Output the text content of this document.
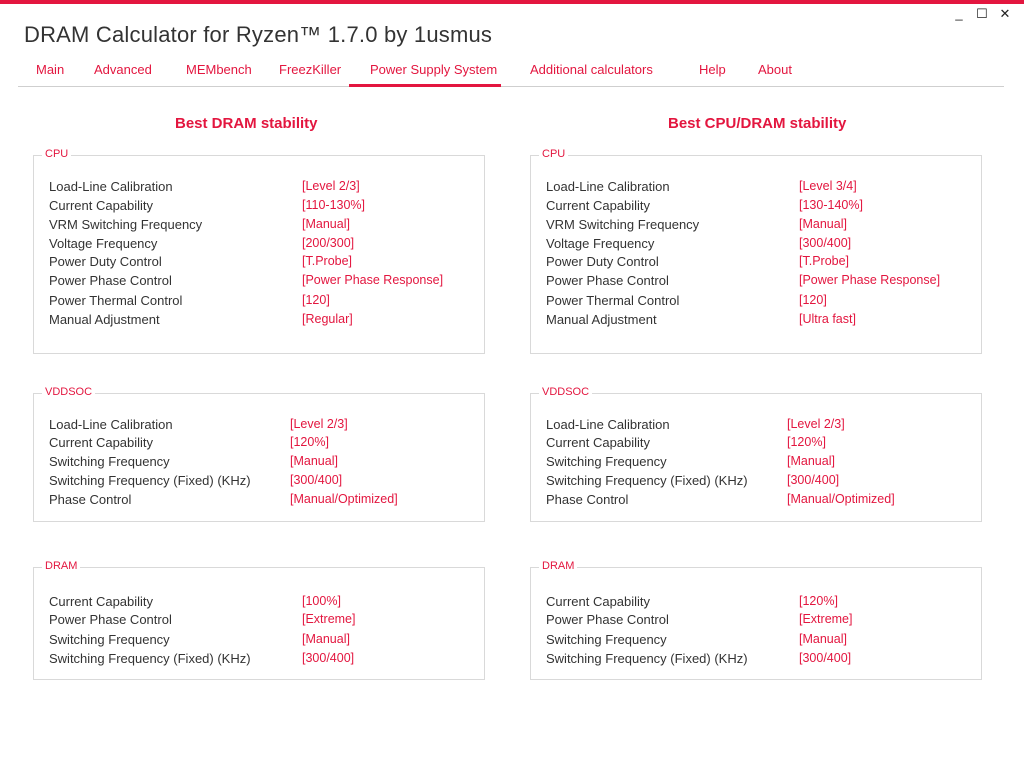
DRAM Calculator for Ryzen™ 1.7.0 by 1usmus
_	☐ ✕
Main Advanced	MEMbench FreezKiller Power Supply System	Additional calculators	Help About
Best DRAM stability
CPU
Load-Line Calibration	[Level 2/3]
Current Capability	[110-130%]
VRM Switching Frequency	[Manual]
Voltage Frequency	[200/300]
Power Duty Control	[T.Probe]
Power Phase Control	[Power Phase Response]
Power Thermal Control	[120]
Manual Adjustment	[Regular]
VDDSOC
Load-Line Calibration	[Level 2/3]
Current Capability	[120%]
Switching Frequency	[Manual]
Switching Frequency (Fixed) (KHz)	[300/400]
Phase Control	[Manual/Optimized]
DRAM
Current Capability	[100%]
Power Phase Control	[Extreme]
Switching Frequency	[Manual]
Switching Frequency (Fixed) (KHz)	[300/400]
Best CPU/DRAM stability
CPU
Load-Line Calibration	[Level 3/4]
Current Capability	[130-140%]
VRM Switching Frequency	[Manual]
Voltage Frequency	[300/400]
Power Duty Control	[T.Probe]
Power Phase Control	[Power Phase Response]
Power Thermal Control	[120]
Manual Adjustment	[Ultra fast]
VDDSOC
Load-Line Calibration	[Level 2/3]
Current Capability	[120%]
Switching Frequency	[Manual]
Switching Frequency (Fixed) (KHz)	[300/400]
Phase Control	[Manual/Optimized]
DRAM
Current Capability	[120%]
Power Phase Control	[Extreme]
Switching Frequency	[Manual]
Switching Frequency (Fixed) (KHz)	[300/400]
